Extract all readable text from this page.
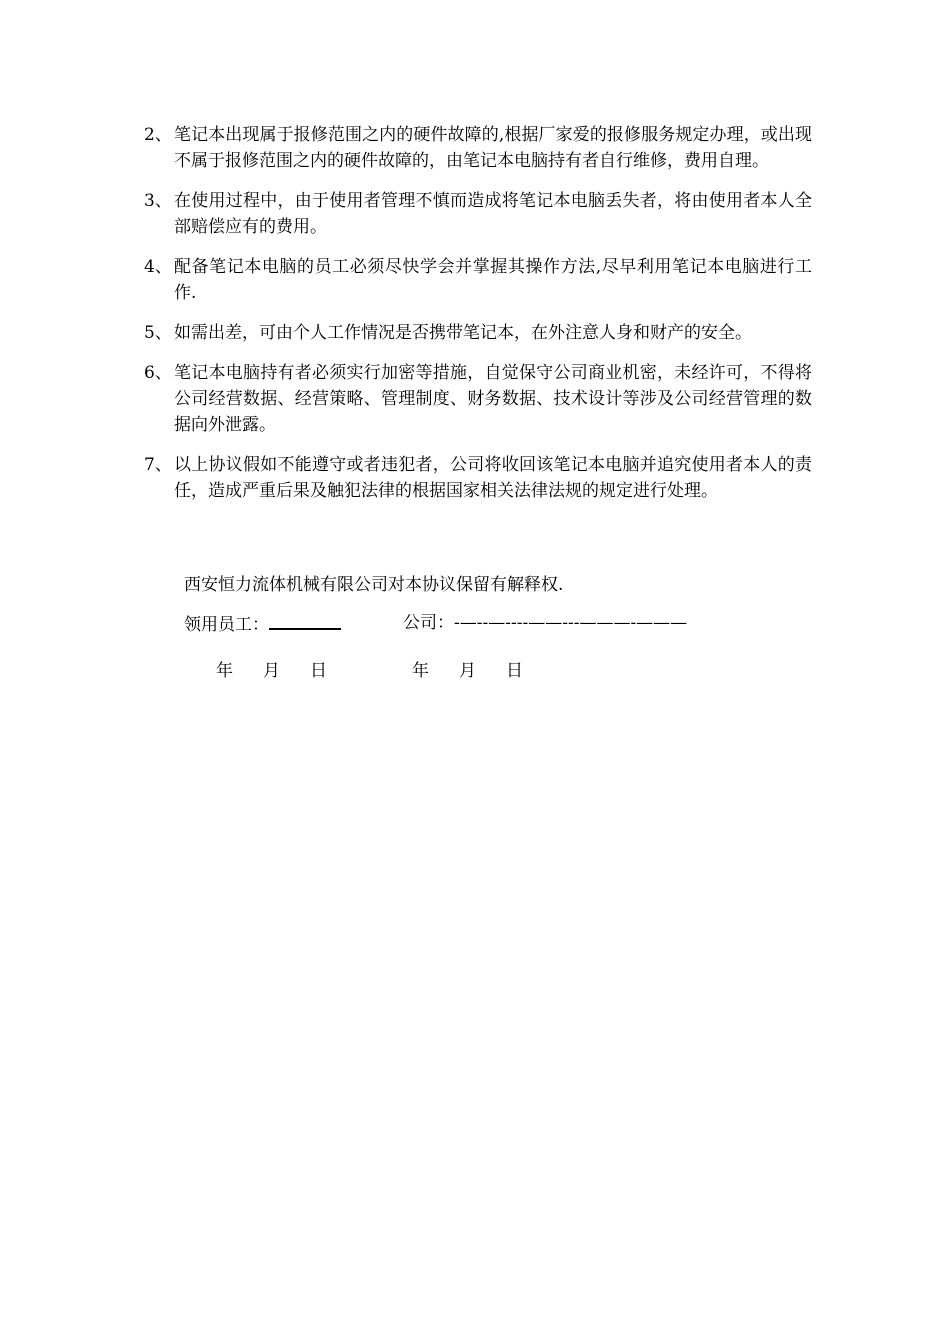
2、 笔记本出现属于报修范围之内的硬件故障的,根据厂家爱的报修服务规定办理，或出现不属于报修范围之内的硬件故障的，由笔记本电脑持有者自行维修，费用自理。
3、 在使用过程中，由于使用者管理不慎而造成将笔记本电脑丢失者，将由使用者本人全部赔偿应有的费用。
4、 配备笔记本电脑的员工必须尽快学会并掌握其操作方法,尽早利用笔记本电脑进行工作.
5、 如需出差，可由个人工作情况是否携带笔记本，在外注意人身和财产的安全。
6、 笔记本电脑持有者必须实行加密等措施，自觉保守公司商业机密，未经许可，不得将公司经营数据、经营策略、管理制度、财务数据、技术设计等涉及公司经营管理的数据向外泄露。
7、 以上协议假如不能遵守或者违犯者，公司将收回该笔记本电脑并追究使用者本人的责任，造成严重后果及触犯法律的根据国家相关法律法规的规定进行处理。
西安恒力流体机械有限公司对本协议保留有解释权.
领用员工：	公司：-—--—----——---———-———
年 月 日	年 月 日
